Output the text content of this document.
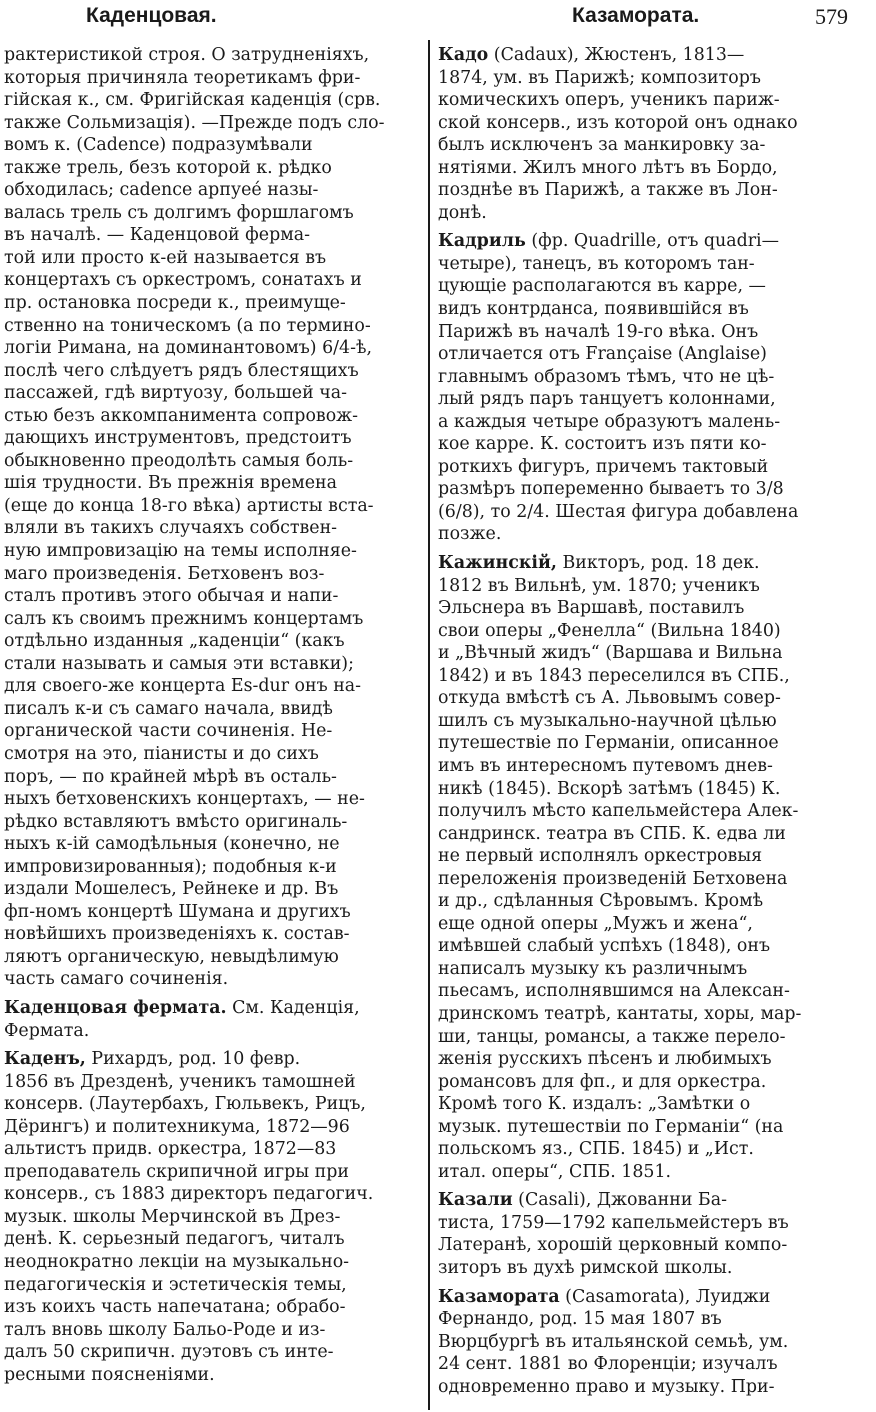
Каденцовая.	Казамората.	579
рактеристикой строя. О затрудненіяхъ,
которыя причиняла теоретикамъ фри-
гійская к., см. Фригійская каденція (срв.
также Сольмизація). —Прежде подъ сло-
вомъ к. (Cadence) подразумѣвали
также трель, безъ которой к. рѣдко
обходилась; cadence арпуеé назы-
валась трель съ долгимъ форшлагомъ
въ началѣ. — Каденцовой ферма-
той или просто к-ей называется въ
концертахъ съ оркестромъ, сонатахъ и
пр. остановка посреди к., преимуще-
ственно на тоническомъ (а по термино-
логіи Римана, на доминантовомъ) 6/4-ѣ,
послѣ чего слѣдуетъ рядъ блестящихъ
пассажей, гдѣ виртуозу, большей ча-
стью безъ аккомпанимента сопровож-
дающихъ инструментовъ, предстоитъ
обыкновенно преодолѣть самыя боль-
шія трудности. Въ прежнія времена
(еще до конца 18-го вѣка) артисты вста-
вляли въ такихъ случаяхъ собствен-
ную импровизацію на темы исполняе-
маго произведенія. Бетховенъ воз-
сталъ противъ этого обычая и напи-
салъ къ своимъ прежнимъ концертамъ
отдѣльно изданныя „каденціи“ (какъ
стали называть и самыя эти вставки);
для своего-же концерта Es-dur онъ на-
писалъ к-и съ самаго начала, ввидѣ
органической части сочиненія. Не-
смотря на это, піанисты и до сихъ
поръ, — по крайней мѣрѣ въ осталь-
ныхъ бетховенскихъ концертахъ, — не-
рѣдко вставляютъ вмѣсто оригиналь-
ныхъ к-ій самодѣльныя (конечно, не
импровизированныя); подобныя к-и
издали Мошелесъ, Рейнеке и др. Въ
фп-номъ концертѣ Шумана и другихъ
новѣйшихъ произведеніяхъ к. состав-
ляютъ органическую, невыдѣлимую
часть самаго сочиненія.
Каденцовая фермата. См. Каденція,
Фермата.
Каденъ, Рихардъ, род. 10 февр.
1856 въ Дрезденѣ, ученикъ тамошней
консерв. (Лаутербахъ, Гюльвекъ, Рицъ,
Дёрингъ) и политехникума, 1872—96
альтистъ придв. оркестра, 1872—83
преподаватель скрипичной игры при
консерв., съ 1883 директоръ педагогич.
музык. школы Мерчинской въ Дрез-
денѣ. К. серьезный педагогъ, читалъ
неоднократно лекціи на музыкально-
педагогическія и эстетическія темы,
изъ коихъ часть напечатана; обрабо-
талъ вновь школу Бальо-Роде и из-
далъ 50 скрипичн. дуэтовъ съ инте-
ресными поясненіями.
Кадо (Cadaux), Жюстенъ, 1813—
1874, ум. въ Парижѣ; композиторъ
комическихъ оперъ, ученикъ париж-
ской консерв., изъ которой онъ однако
былъ исключенъ за манкировку за-
нятіями. Жилъ много лѣтъ въ Бордо,
позднѣе въ Парижѣ, а также въ Лон-
донѣ.
Кадриль (фр. Quadrille, отъ quadri—
четыре), танецъ, въ которомъ тан-
цующіе располагаются въ карре, —
видъ контрданса, появившійся въ
Парижѣ въ началѣ 19-го вѣка. Онъ
отличается отъ Française (Anglaise)
главнымъ образомъ тѣмъ, что не цѣ-
лый рядъ паръ танцуетъ колоннами,
а каждыя четыре образуютъ малень-
кое карре. К. состоитъ изъ пяти ко-
роткихъ фигуръ, причемъ тактовый
размѣръ попеременно бываетъ то 3/8
(6/8), то 2/4. Шестая фигура добавлена
позже.
Кажинскій, Викторъ, род. 18 дек.
1812 въ Вильнѣ, ум. 1870; ученикъ
Эльснера въ Варшавѣ, поставилъ
свои оперы „Фенелла“ (Вильна 1840)
и „Вѣчный жидъ“ (Варшава и Вильна
1842) и въ 1843 переселился въ СПБ.,
откуда вмѣстѣ съ А. Львовымъ совер-
шилъ съ музыкально-научной цѣлью
путешествіе по Германіи, описанное
имъ въ интересномъ путевомъ днев-
никѣ (1845). Вскорѣ затѣмъ (1845) К.
получилъ мѣсто капельмейстера Алек-
сандринск. театра въ СПБ. К. едва ли
не первый исполнялъ оркестровыя
переложенія произведеній Бетховена
и др., сдѣланныя Сѣровымъ. Кромѣ
еще одной оперы „Мужъ и жена“,
имѣвшей слабый успѣхъ (1848), онъ
написалъ музыку къ различнымъ
пьесамъ, исполнявшимся на Алексан-
дринскомъ театрѣ, кантаты, хоры, мар-
ши, танцы, романсы, а также перело-
женія русскихъ пѣсенъ и любимыхъ
романсовъ для фп., и для оркестра.
Кромѣ того К. издалъ: „Замѣтки о
музык. путешествіи по Германіи“ (на
польскомъ яз., СПБ. 1845) и „Ист.
итал. оперы“, СПБ. 1851.
Казали (Casali), Джованни Ба-
тиста, 1759—1792 капельмейстеръ въ
Латеранѣ, хорошій церковный компо-
зиторъ въ духѣ римской школы.
Казамората (Casamorata), Луиджи
Фернандо, род. 15 мая 1807 въ
Вюрцбургѣ въ итальянской семьѣ, ум.
24 сент. 1881 во Флоренціи; изучалъ
одновременно право и музыку. При-
